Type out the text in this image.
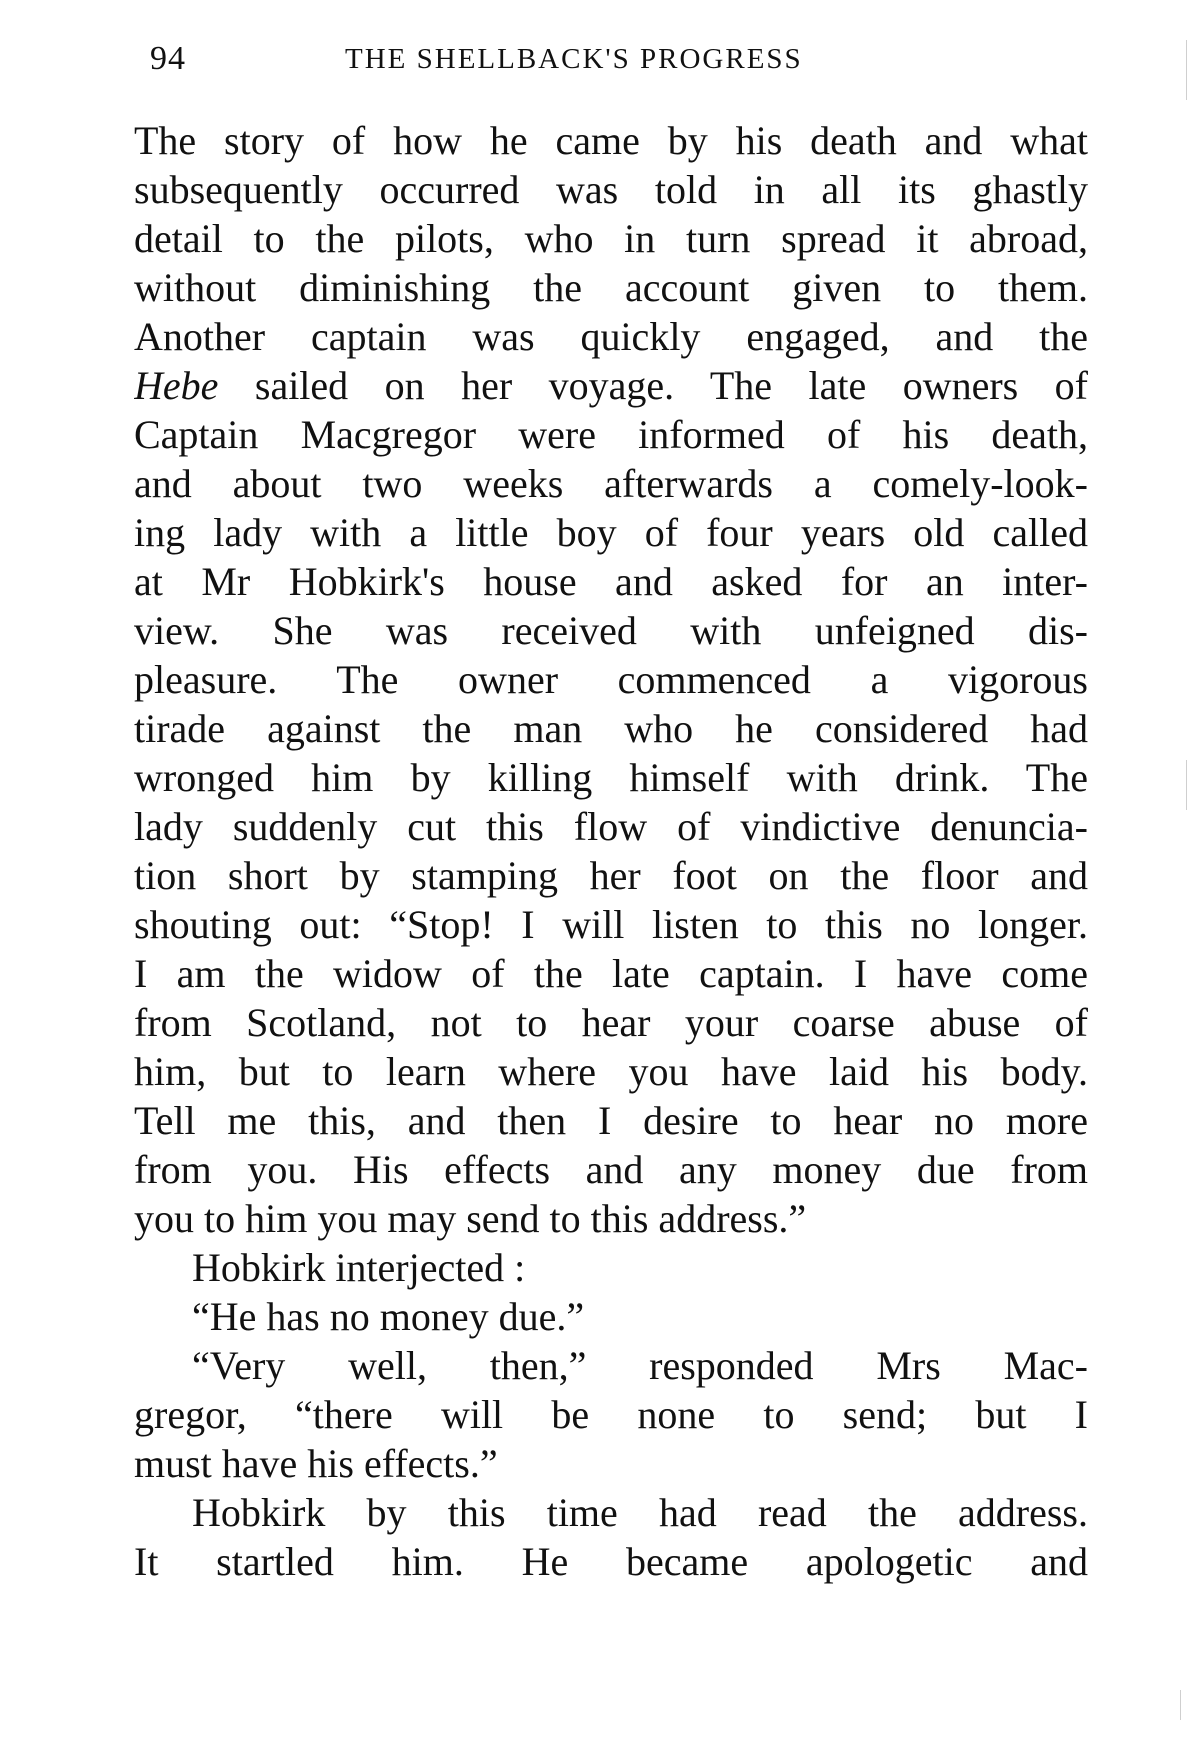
94	THE SHELLBACK'S PROGRESS
The story of how he came by his death and what
subsequently occurred was told in all its ghastly
detail to the pilots, who in turn spread it abroad,
without diminishing the account given to them.
Another captain was quickly engaged, and the
Hebe sailed on her voyage. The late owners of
Captain Macgregor were informed of his death,
and about two weeks afterwards a comely-look-
ing lady with a little boy of four years old called
at Mr Hobkirk's house and asked for an inter-
view. She was received with unfeigned dis-
pleasure. The owner commenced a vigorous
tirade against the man who he considered had
wronged him by killing himself with drink. The
lady suddenly cut this flow of vindictive denuncia-
tion short by stamping her foot on the floor and
shouting out: “Stop! I will listen to this no longer.
I am the widow of the late captain. I have come
from Scotland, not to hear your coarse abuse of
him, but to learn where you have laid his body.
Tell me this, and then I desire to hear no more
from you. His effects and any money due from
you to him you may send to this address.”
Hobkirk interjected :
“He has no money due.”
“Very well, then,” responded Mrs Mac-
gregor, “there will be none to send; but I
must have his effects.”
Hobkirk by this time had read the address.
It startled him. He became apologetic and
